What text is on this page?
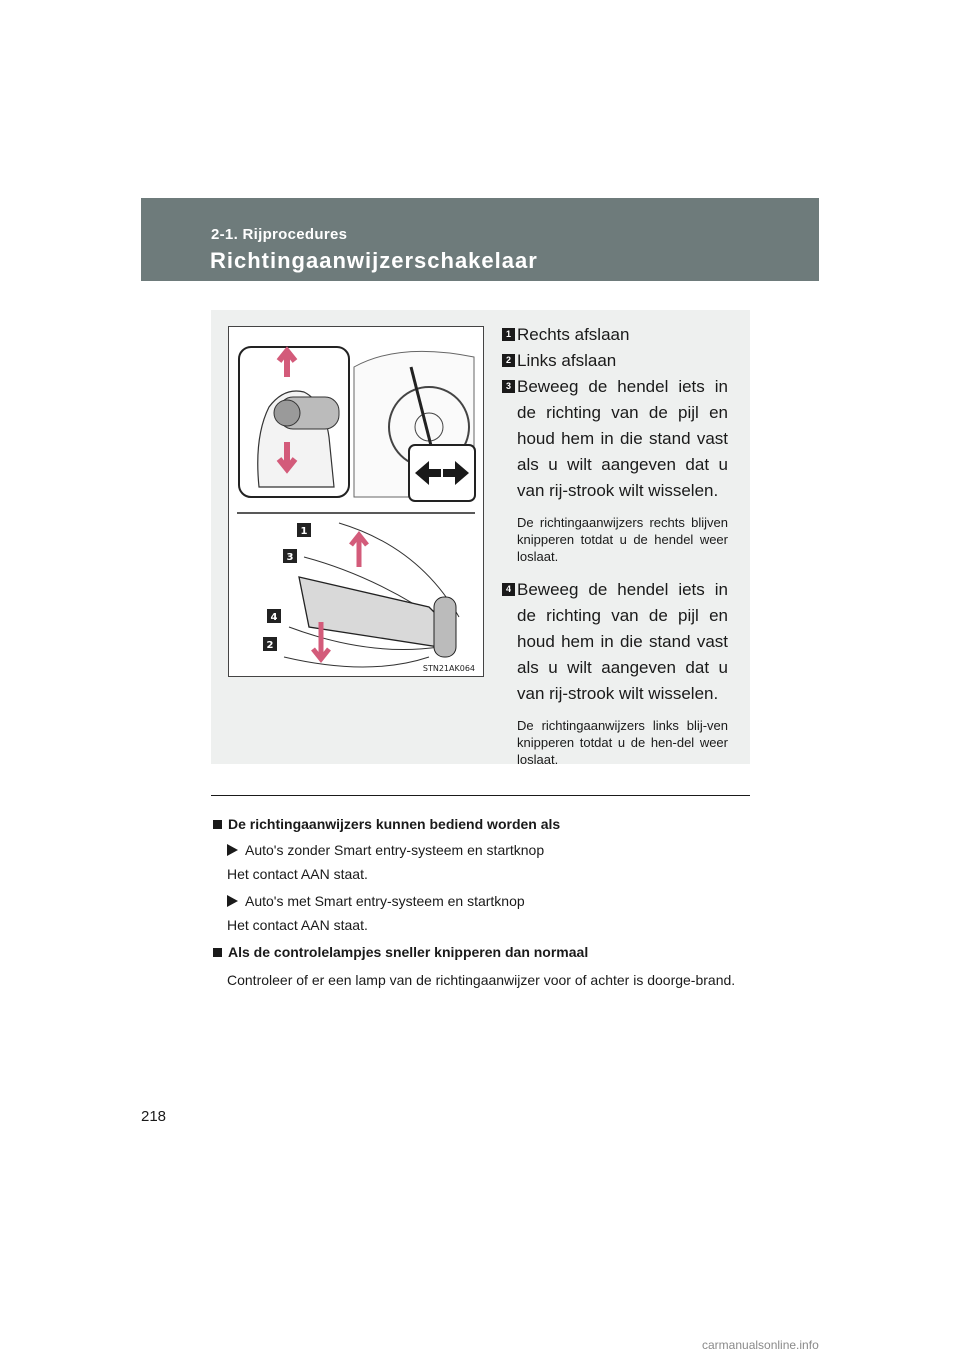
2-1. Rijprocedures
Richtingaanwijzerschakelaar
1
3
4
2
STN21AK064
1 Rechts afslaan
2 Links afslaan
3 Beweeg de hendel iets in de richting van de pijl en houd hem in die stand vast als u wilt aangeven dat u van rij-strook wilt wisselen.
De richtingaanwijzers rechts blijven knipperen totdat u de hendel weer loslaat.
4 Beweeg de hendel iets in de richting van de pijl en houd hem in die stand vast als u wilt aangeven dat u van rij-strook wilt wisselen.
De richtingaanwijzers links blij-ven knipperen totdat u de hen-del weer loslaat.
De richtingaanwijzers kunnen bediend worden als
Auto's zonder Smart entry-systeem en startknop
Het contact AAN staat.
Auto's met Smart entry-systeem en startknop
Het contact AAN staat.
Als de controlelampjes sneller knipperen dan normaal
Controleer of er een lamp van de richtingaanwijzer voor of achter is doorge-brand.
218
carmanualsonline.info
